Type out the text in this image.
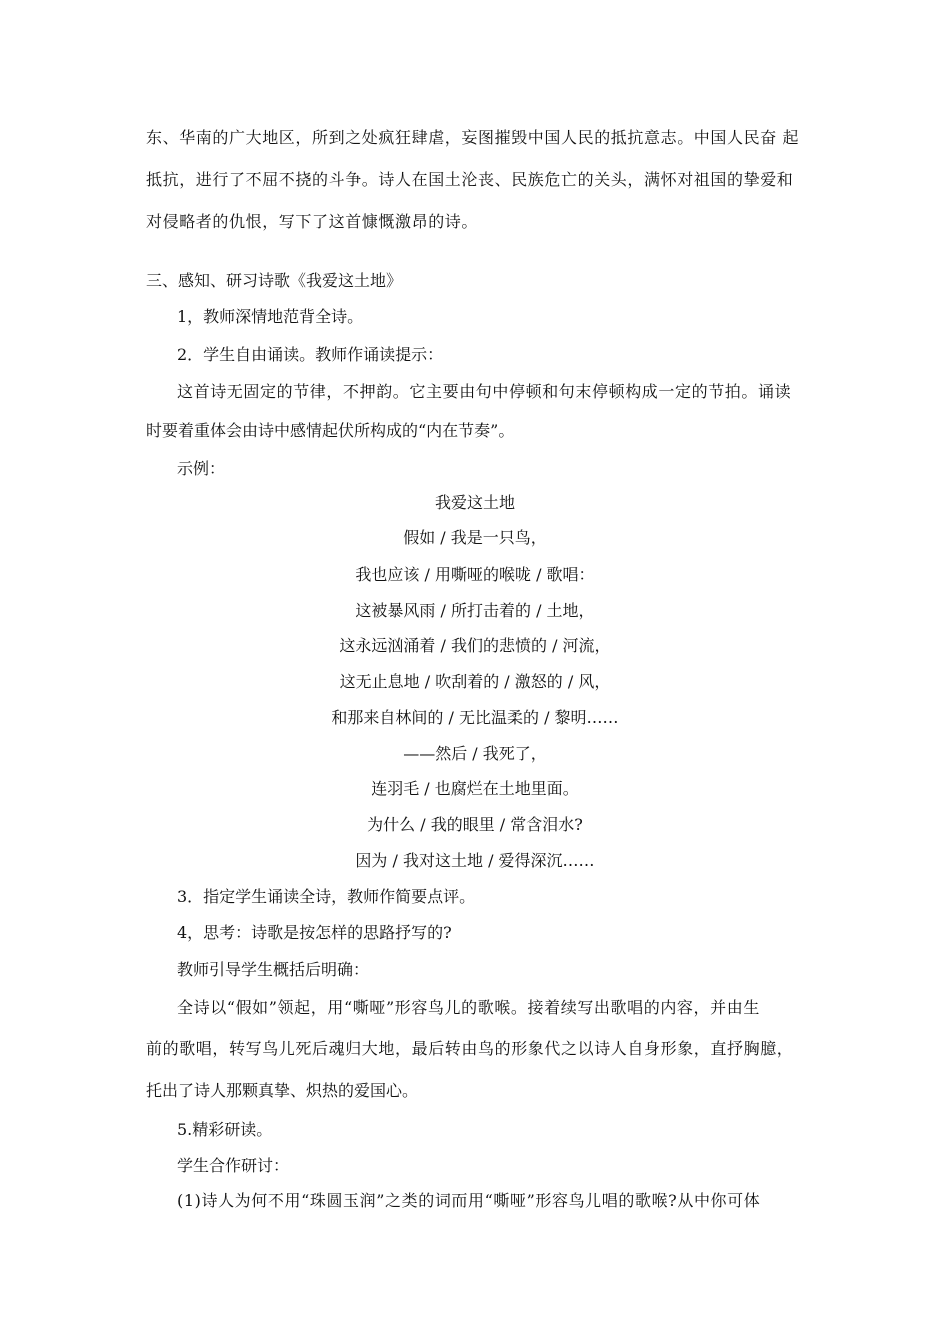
东、华南的广大地区，所到之处疯狂肆虐，妄图摧毁中国人民的抵抗意志。中国人民奋 起
抵抗，进行了不屈不挠的斗争。诗人在国土沦丧、民族危亡的关头，满怀对祖国的挚爱和
对侵略者的仇恨，写下了这首慷慨激昂的诗。
三、感知、研习诗歌《我爱这土地》
1，教师深情地范背全诗。
2．学生自由诵读。教师作诵读提示：
这首诗无固定的节律，不押韵。它主要由句中停顿和句末停顿构成一定的节拍。诵读
时要着重体会由诗中感情起伏所构成的“内在节奏”。
示例：
我爱这土地
假如 / 我是一只鸟，
我也应该 / 用嘶哑的喉咙 / 歌唱：
这被暴风雨 / 所打击着的 / 土地，
这永远汹涌着 / 我们的悲愤的 / 河流，
这无止息地 / 吹刮着的 / 激怒的 / 风，
和那来自林间的 / 无比温柔的 / 黎明……
——然后 / 我死了，
连羽毛 / 也腐烂在土地里面。
为什么 / 我的眼里 / 常含泪水?
因为 / 我对这土地 / 爱得深沉……
3．指定学生诵读全诗，教师作简要点评。
4，思考：诗歌是按怎样的思路抒写的?
教师引导学生概括后明确：
全诗以“假如”领起，用“嘶哑”形容鸟儿的歌喉。接着续写出歌唱的内容，并由生
前的歌唱，转写鸟儿死后魂归大地，最后转由鸟的形象代之以诗人自身形象，直抒胸臆，
托出了诗人那颗真挚、炽热的爱国心。
5.精彩研读。
学生合作研讨：
(1)诗人为何不用“珠圆玉润”之类的词而用“嘶哑”形容鸟儿唱的歌喉?从中你可体
